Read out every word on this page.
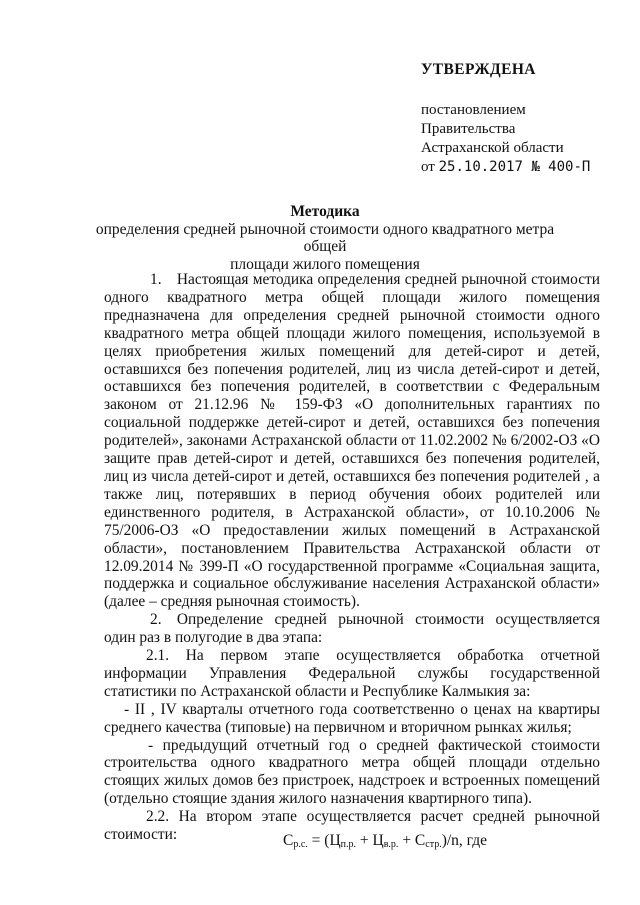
УТВЕРЖДЕНА
постановлением
Правительства
Астраханской области
от 25.10.2017 № 400-П
Методика
определения средней рыночной стоимости одного квадратного метра общей
площади жилого помещения

1. Настоящая методика определения средней рыночной стоимости одного квадратного метра общей площади жилого помещения предназначена для определения средней рыночной стоимости одного квадратного метра общей площади жилого помещения, используемой в целях приобретения жилых помещений для детей-сирот и детей, оставшихся без попечения родителей, лиц из числа детей-сирот и детей, оставшихся без попечения родителей, в соответствии с Федеральным законом от 21.12.96 № 159-ФЗ «О дополнительных гарантиях по социальной поддержке детей-сирот и детей, оставшихся без попечения родителей», законами Астраханской области от 11.02.2002 № 6/2002-ОЗ «О защите прав детей-сирот и детей, оставшихся без попечения родителей, лиц из числа детей-сирот и детей, оставшихся без попечения родителей , а также лиц, потерявших в период обучения обоих родителей или единственного родителя, в Астраханской области», от 10.10.2006 № 75/2006-ОЗ «О предоставлении жилых помещений в Астраханской области», постановлением Правительства Астраханской области от 12.09.2014 № 399-П «О государственной программе «Социальная защита, поддержка и социальное обслуживание населения Астраханской области» (далее – средняя рыночная стоимость).

2. Определение средней рыночной стоимости осуществляется один раз в полугодие в два этапа:

2.1. На первом этапе осуществляется обработка отчетной информации Управления Федеральной службы государственной статистики по Астраханской области и Республике Калмыкия за:

- II , IV кварталы отчетного года соответственно о ценах на квартиры среднего качества (типовые) на первичном и вторичном рынках жилья;

- предыдущий отчетный год о средней фактической стоимости строительства одного квадратного метра общей площади отдельно стоящих жилых домов без пристроек, надстроек и встроенных помещений (отдельно стоящие здания жилого назначения квартирного типа).

2.2. На втором этапе осуществляется расчет средней рыночной стоимости:	$С_{р.с.} = (Ц_{п.р.} + Ц_{в.р.} + С_{стр.})/n$, где
